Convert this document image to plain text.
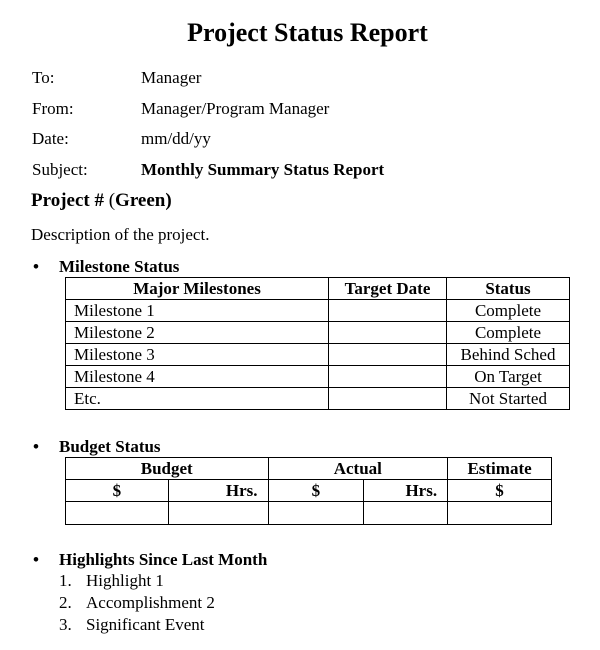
Project Status Report
To:	Manager
From:	Manager/Program Manager
Date:	mm/dd/yy
Subject:	Monthly Summary Status Report
Project # (Green)
Description of the project.
• Milestone Status
Major Milestones	Target Date	Status
Milestone 1		Complete
Milestone 2		Complete
Milestone 3		Behind Sched
Milestone 4		On Target
Etc.		Not Started
• Budget Status
Budget		Actual		Estimate
$	Hrs.	$	Hrs.	$

• Highlights Since Last Month
1. Highlight 1
2. Accomplishment 2
3. Significant Event
